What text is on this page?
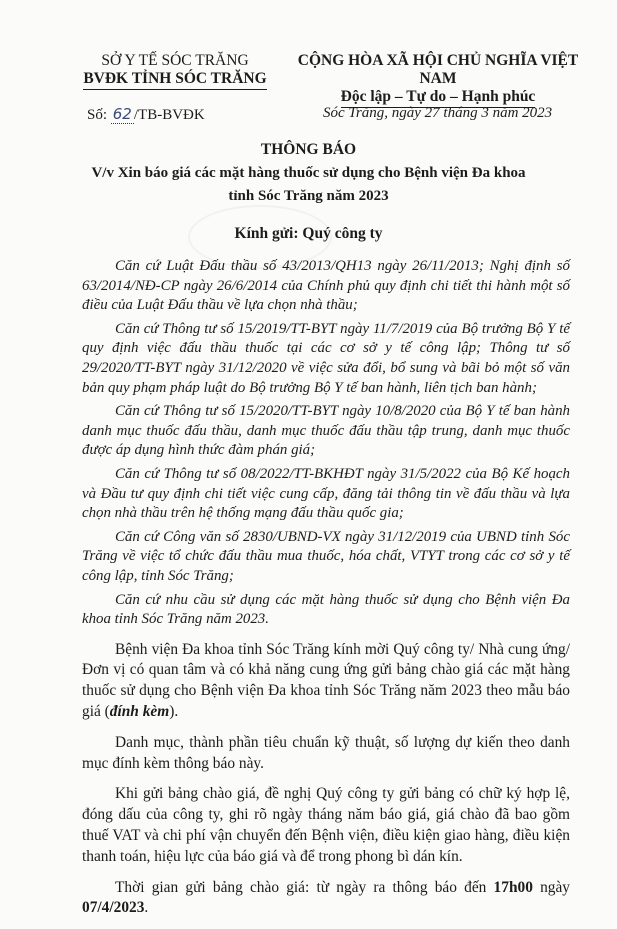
SỞ Y TẾ SÓC TRĂNG
BVĐK TỈNH SÓC TRĂNG
CỘNG HÒA XÃ HỘI CHỦ NGHĨA VIỆT NAM
Độc lập – Tự do – Hạnh phúc
Số: 62 /TB-BVĐK	Sóc Trăng, ngày 27 tháng 3 năm 2023
THÔNG BÁO
V/v Xin báo giá các mặt hàng thuốc sử dụng cho Bệnh viện Đa khoa
tỉnh Sóc Trăng năm 2023
Kính gửi: Quý công ty

Căn cứ Luật Đấu thầu số 43/2013/QH13 ngày 26/11/2013; Nghị định số 63/2014/NĐ-CP ngày 26/6/2014 của Chính phủ quy định chi tiết thi hành một số điều của Luật Đấu thầu về lựa chọn nhà thầu;

Căn cứ Thông tư số 15/2019/TT-BYT ngày 11/7/2019 của Bộ trưởng Bộ Y tế quy định việc đấu thầu thuốc tại các cơ sở y tế công lập; Thông tư số 29/2020/TT-BYT ngày 31/12/2020 về việc sửa đổi, bổ sung và bãi bỏ một số văn bản quy phạm pháp luật do Bộ trưởng Bộ Y tế ban hành, liên tịch ban hành;

Căn cứ Thông tư số 15/2020/TT-BYT ngày 10/8/2020 của Bộ Y tế ban hành danh mục thuốc đấu thầu, danh mục thuốc đấu thầu tập trung, danh mục thuốc được áp dụng hình thức đàm phán giá;

Căn cứ Thông tư số 08/2022/TT-BKHĐT ngày 31/5/2022 của Bộ Kế hoạch và Đầu tư quy định chi tiết việc cung cấp, đăng tải thông tin về đấu thầu và lựa chọn nhà thầu trên hệ thống mạng đấu thầu quốc gia;

Căn cứ Công văn số 2830/UBND-VX ngày 31/12/2019 của UBND tỉnh Sóc Trăng về việc tổ chức đấu thầu mua thuốc, hóa chất, VTYT trong các cơ sở y tế công lập, tỉnh Sóc Trăng;

Căn cứ nhu cầu sử dụng các mặt hàng thuốc sử dụng cho Bệnh viện Đa khoa tỉnh Sóc Trăng năm 2023.

Bệnh viện Đa khoa tỉnh Sóc Trăng kính mời Quý công ty/ Nhà cung ứng/ Đơn vị có quan tâm và có khả năng cung ứng gửi bảng chào giá các mặt hàng thuốc sử dụng cho Bệnh viện Đa khoa tỉnh Sóc Trăng năm 2023 theo mẫu báo giá (đính kèm).

Danh mục, thành phần tiêu chuẩn kỹ thuật, số lượng dự kiến theo danh mục đính kèm thông báo này.

Khi gửi bảng chào giá, đề nghị Quý công ty gửi bảng có chữ ký hợp lệ, đóng dấu của công ty, ghi rõ ngày tháng năm báo giá, giá chào đã bao gồm thuế VAT và chi phí vận chuyển đến Bệnh viện, điều kiện giao hàng, điều kiện thanh toán, hiệu lực của báo giá và để trong phong bì dán kín.

Thời gian gửi bảng chào giá: từ ngày ra thông báo đến 17h00 ngày 07/4/2023.
